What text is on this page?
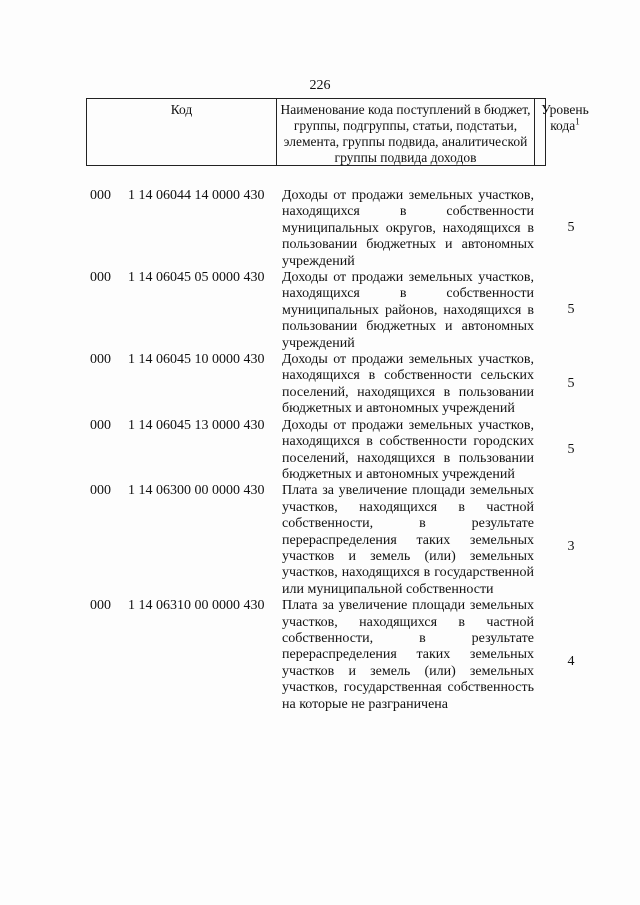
226
Код	Наименование кода поступлений в бюджет, группы, подгруппы, статьи, подстатьи, элемента, группы подвида, аналитической группы подвида доходов
Уровень кода$^1$
000 1 14 06044 14 0000 430 Доходы от продажи земельных участков, находящихся в собственности муниципальных округов, находящихся в пользовании бюджетных и автономных учреждений
5
000 1 14 06045 05 0000 430 Доходы от продажи земельных участков, находящихся в собственности муниципальных районов, находящихся в пользовании бюджетных и автономных учреждений
5
000 1 14 06045 10 0000 430 Доходы от продажи земельных участков, находящихся в собственности сельских поселений, находящихся в пользовании бюджетных и автономных учреждений
5
000 1 14 06045 13 0000 430 Доходы от продажи земельных участков, находящихся в собственности городских поселений, находящихся в пользовании бюджетных и автономных учреждений
5
000 1 14 06300 00 0000 430 Плата за увеличение площади земельных участков, находящихся в частной собственности, в результате перераспределения таких земельных участков и земель (или) земельных участков, находящихся в государственной или муниципальной собственности
3
000 1 14 06310 00 0000 430 Плата за увеличение площади земельных участков, находящихся в частной собственности, в результате перераспределения таких земельных участков и земель (или) земельных участков, государственная собственность на которые не разграничена
4
